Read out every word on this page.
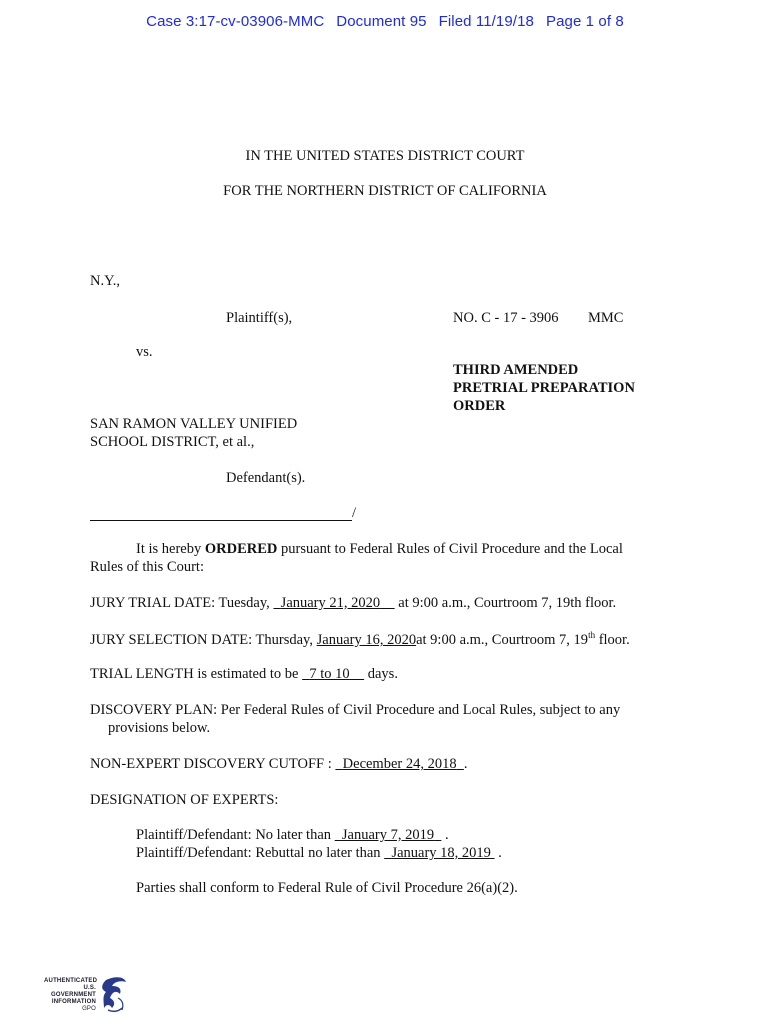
Case 3:17-cv-03906-MMC Document 95 Filed 11/19/18 Page 1 of 8
IN THE UNITED STATES DISTRICT COURT
FOR THE NORTHERN DISTRICT OF CALIFORNIA
N.Y.,
Plaintiff(s),	NO. C - 17 - 3906 MMC
vs.
THIRD AMENDED
PRETRIAL PREPARATION
ORDER
SAN RAMON VALLEY UNIFIED
SCHOOL DISTRICT, et al.,
Defendant(s).
/
It is hereby ORDERED pursuant to Federal Rules of Civil Procedure and the Local
Rules of this Court:
JURY TRIAL DATE: Tuesday, January 21, 2020 at 9:00 a.m., Courtroom 7, 19th floor.
JURY SELECTION DATE: Thursday, January 16, 2020at 9:00 a.m., Courtroom 7, 19th floor.
TRIAL LENGTH is estimated to be 7 to 10 days.
DISCOVERY PLAN: Per Federal Rules of Civil Procedure and Local Rules, subject to any
provisions below.
NON-EXPERT DISCOVERY CUTOFF : December 24, 2018 .
DESIGNATION OF EXPERTS:
Plaintiff/Defendant: No later than January 7, 2019 .
Plaintiff/Defendant: Rebuttal no later than January 18, 2019 .
Parties shall conform to Federal Rule of Civil Procedure 26(a)(2).
AUTHENTICATED
U.S. GOVERNMENT
INFORMATION
GPO
